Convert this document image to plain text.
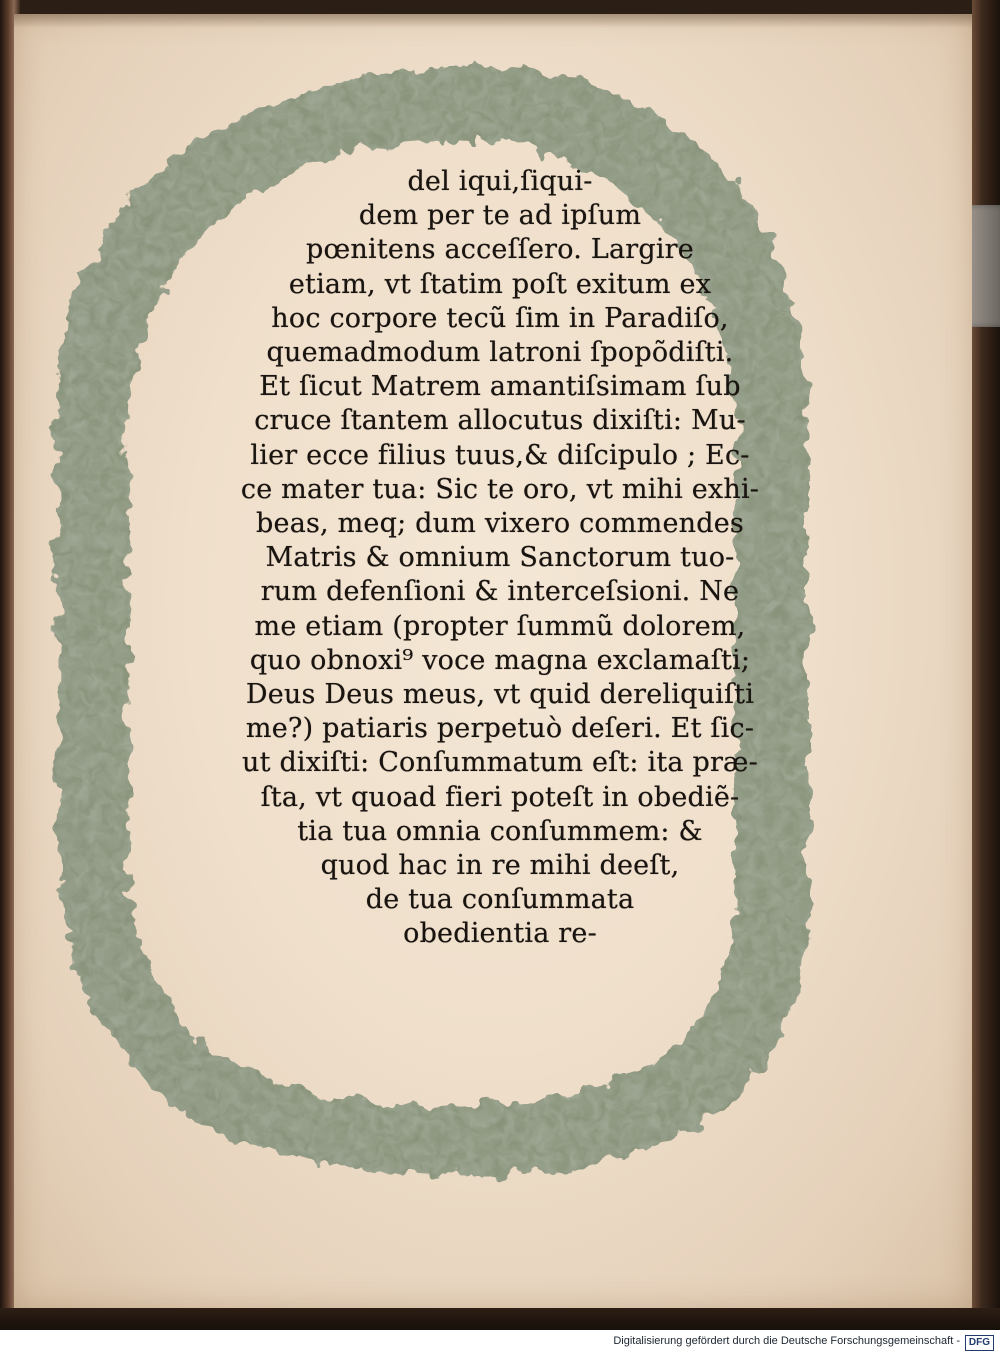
del iqui,ſiqui-
dem per te ad ipſum
pœnitens acceſſero. Largire
etiam, vt ſtatim poſt exitum ex
hoc corpore tecũ ſim in Paradiſo,
quemadmodum latroni ſpopõdiſti.
Et ſicut Matrem amantiſsimam ſub
cruce ſtantem allocutus dixiſti: Mu-
lier ecce filius tuus,& diſcipulo ; Ec-
ce mater tua: Sic te oro, vt mihi exhi-
beas, meq; dum vixero commendes
Matris & omnium Sanctorum tuo-
rum defenſioni & interceſsioni. Ne
me etiam (propter ſummũ dolorem,
quo obnoxi⁹ voce magna exclamaſti;
Deus Deus meus, vt quid dereliquiſti
me?) patiaris perpetuò deſeri. Et ſic-
ut dixiſti: Conſummatum eſt: ita præ-
ſta, vt quoad fieri poteſt in obediẽ-
tia tua omnia conſummem: &
quod hac in re mihi deeſt,
de tua conſummata
obedientia re-
Digitalisierung gefördert durch die Deutsche Forschungsgemeinschaft - DFG
